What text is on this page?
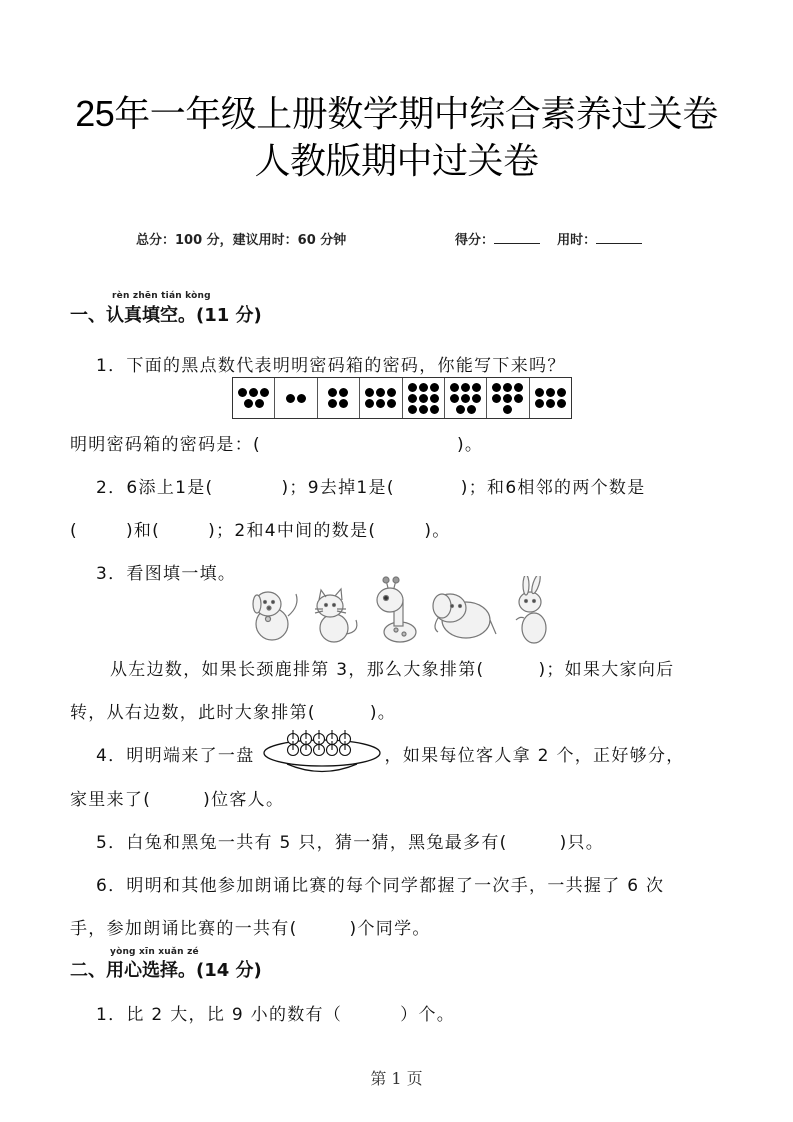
25年一年级上册数学期中综合素养过关卷
人教版期中过关卷
总分：100 分，建议用时：60 分钟	得分：	用时：
rèn zhēn tián kòng
一、认真填空。(11 分)
1．下面的黑点数代表明明密码箱的密码，你能写下来吗？
明明密码箱的密码是：(	)。
2．6添上1是(	)；9去掉1是(	)；和6相邻的两个数是
(	)和(	)；2和4中间的数是(	)。
3．看图填一填。
从左边数，如果长颈鹿排第 3，那么大象排第(	)；如果大家向后
转，从右边数，此时大象排第(	)。
4．明明端来了一盘	，如果每位客人拿 2 个，正好够分，
家里来了(	)位客人。
5．白兔和黑兔一共有 5 只，猜一猜，黑兔最多有(	)只。
6．明明和其他参加朗诵比赛的每个同学都握了一次手，一共握了 6 次
手，参加朗诵比赛的一共有(	)个同学。
yòng xīn xuǎn zé
二、用心选择。(14 分)
1．比 2 大，比 9 小的数有（	）个。
第 1 页
